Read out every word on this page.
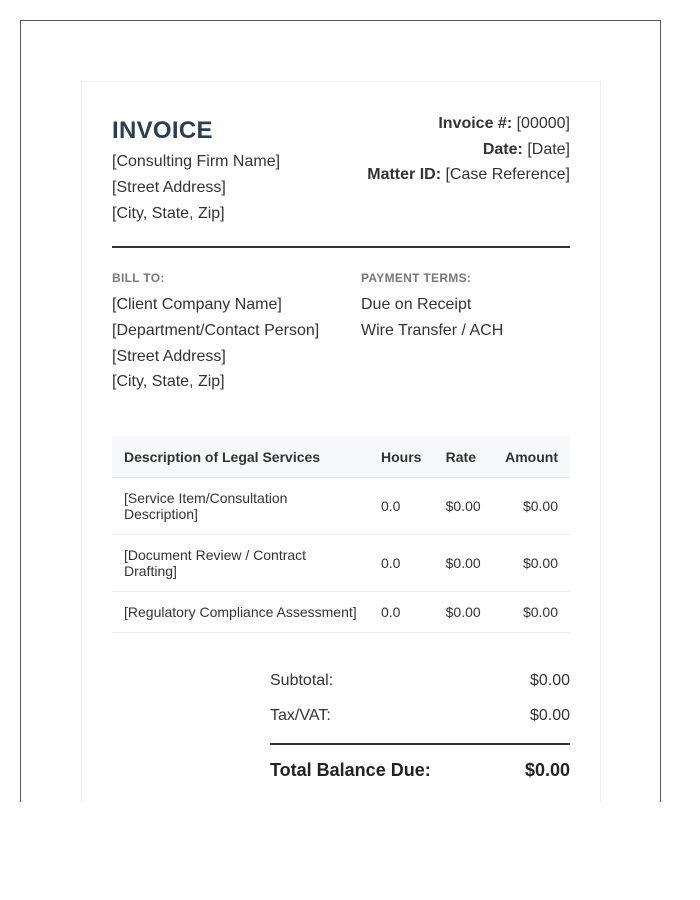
INVOICE
[Consulting Firm Name]
[Street Address]
[City, State, Zip]
Invoice #: [00000]
Date: [Date]
Matter ID: [Case Reference]
BILL TO:
[Client Company Name]
[Department/Contact Person]
[Street Address]
[City, State, Zip]
PAYMENT TERMS:
Due on Receipt
Wire Transfer / ACH
Description of Legal Services	Hours	Rate	Amount
[Service Item/Consultation Description]	0.0	$0.00	$0.00
[Document Review / Contract Drafting]	0.0	$0.00	$0.00
[Regulatory Compliance Assessment]	0.0	$0.00	$0.00
Subtotal:	$0.00
Tax/VAT:	$0.00
Total Balance Due:	$0.00
